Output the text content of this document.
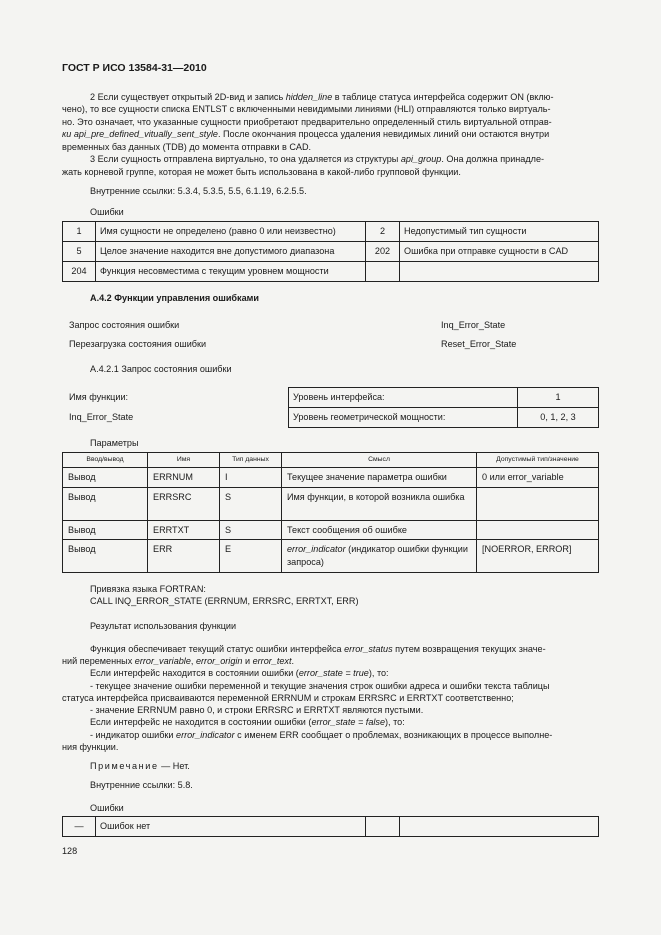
ГОСТ Р ИСО 13584-31—2010
2 Если существует открытый 2D-вид и запись hidden_line в таблице статуса интерфейса содержит ON (вклю-
чено), то все сущности списка ENTLST с включенными невидимыми линиями (HLI) отправляются только виртуаль-
но. Это означает, что указанные сущности приобретают предварительно определенный стиль виртуальной отправ-
ки api_pre_defined_vitually_sent_style. После окончания процесса удаления невидимых линий они остаются внутри
временных баз данных (TDB) до момента отправки в CAD.
3 Если сущность отправлена виртуально, то она удаляется из структуры api_group. Она должна принадле-
жать корневой группе, которая не может быть использована в какой-либо групповой функции.
Внутренние ссылки: 5.3.4, 5.3.5, 5.5, 6.1.19, 6.2.5.5.
Ошибки
1	Имя сущности не определено (равно 0 или неизвестно)	2	Недопустимый тип сущности
5	Целое значение находится вне допустимого диапазона	202	Ошибка при отправке сущности в CAD
204	Функция несовместима с текущим уровнем мощности		
А.4.2 Функции управления ошибками
Запрос состояния ошибки	Inq_Error_State
Перезагрузка состояния ошибки	Reset_Error_State
А.4.2.1 Запрос состояния ошибки
Имя функции:
Inq_Error_State
Уровень интерфейса:	1
Уровень геометрической мощности:	0, 1, 2, 3
Параметры
Ввод/вывод	Имя	Тип данных	Смысл	Допустимый тип/значение
Вывод	ERRNUM	I	Текущее значение параметра ошибки	0 или error_variable
Вывод	ERRSRC	S	Имя функции, в которой возникла ошибка	
Вывод	ERRTXT	S	Текст сообщения об ошибке	
Вывод	ERR	E	error_indicator (индикатор ошибки функции запроса)	[NOERROR, ERROR]
Привязка языка FORTRAN:
CALL INQ_ERROR_STATE (ERRNUM, ERRSRC, ERRTXT, ERR)
Результат использования функции
Функция обеспечивает текущий статус ошибки интерфейса error_status путем возвращения текущих значе-
ний переменных error_variable, error_origin и error_text.
Если интерфейс находится в состоянии ошибки (error_state = true), то:
- текущее значение ошибки переменной и текущие значения строк ошибки адреса и ошибки текста таблицы
статуса интерфейса присваиваются переменной ERRNUM и строкам ERRSRC и ERRTXT соответственно;
- значение ERRNUM равно 0, и строки ERRSRC и ERRTXT являются пустыми.
Если интерфейс не находится в состоянии ошибки (error_state = false), то:
- индикатор ошибки error_indicator с именем ERR сообщает о проблемах, возникающих в процессе выполне-
ния функции.
Примечание — Нет.
Внутренние ссылки: 5.8.
Ошибки
—	Ошибок нет		
128
